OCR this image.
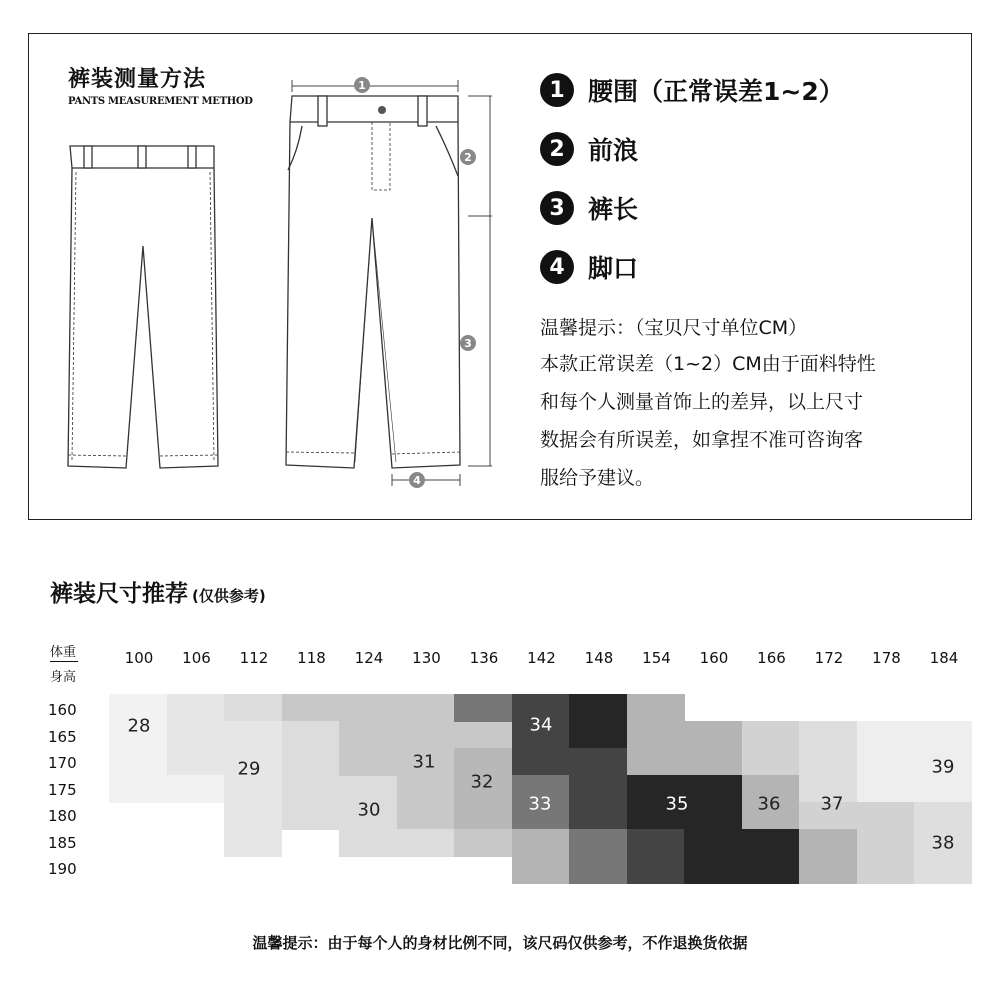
裤装测量方法
PANTS MEASUREMENT METHOD
1
2
3
4
1 腰围（正常误差1~2）
2 前浪
3 裤长
4 脚口
温馨提示：（宝贝尺寸单位CM）
本款正常误差（1~2）CM由于面料特性
和每个人测量首饰上的差异，以上尺寸
数据会有所误差，如拿捏不准可咨询客
服给予建议。
裤装尺寸推荐 (仅供参考)
体重
身高
100 106 112 118 124 130 136 142 148 154 160 166 172 178 184
160
165
170
175
180
185
190
28
29
30
31
32
33
34
35	36 37
38
39
温馨提示：由于每个人的身材比例不同，该尺码仅供参考，不作退换货依据
